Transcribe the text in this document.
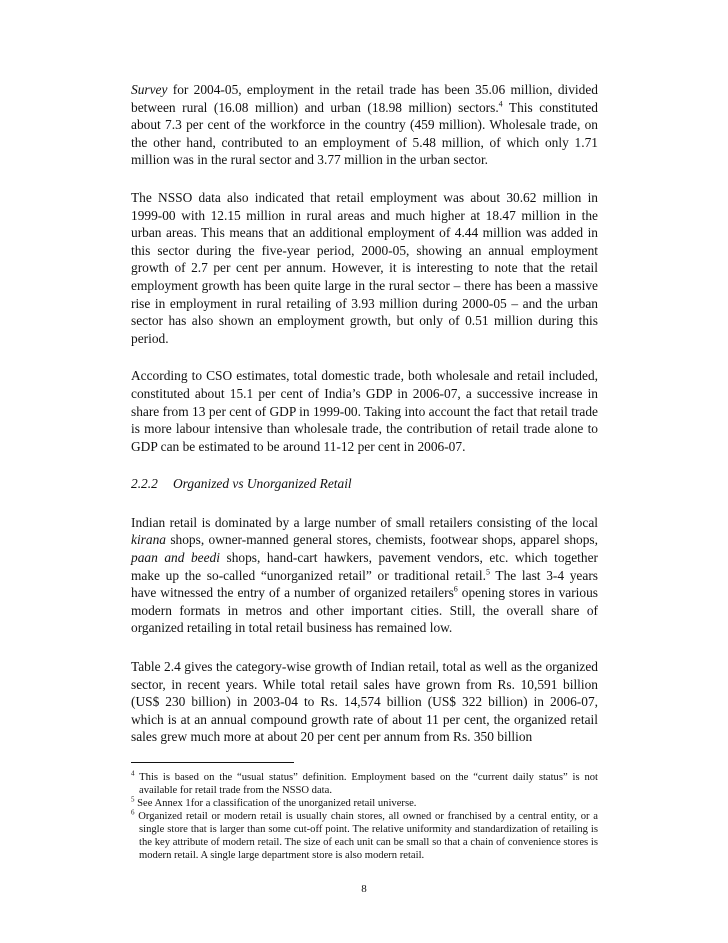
Survey for 2004-05, employment in the retail trade has been 35.06 million, divided between rural (16.08 million) and urban (18.98 million) sectors.$^4$ This constituted about 7.3 per cent of the workforce in the country (459 million). Wholesale trade, on the other hand, contributed to an employment of 5.48 million, of which only 1.71 million was in the rural sector and 3.77 million in the urban sector.

The NSSO data also indicated that retail employment was about 30.62 million in 1999-00 with 12.15 million in rural areas and much higher at 18.47 million in the urban areas. This means that an additional employment of 4.44 million was added in this sector during the five-year period, 2000-05, showing an annual employment growth of 2.7 per cent per annum. However, it is interesting to note that the retail employment growth has been quite large in the rural sector – there has been a massive rise in employment in rural retailing of 3.93 million during 2000-05 – and the urban sector has also shown an employment growth, but only of 0.51 million during this period.

According to CSO estimates, total domestic trade, both wholesale and retail included, constituted about 15.1 per cent of India’s GDP in 2006-07, a successive increase in share from 13 per cent of GDP in 1999-00. Taking into account the fact that retail trade is more labour intensive than wholesale trade, the contribution of retail trade alone to GDP can be estimated to be around 11-12 per cent in 2006-07.

2.2.2 Organized vs Unorganized Retail

Indian retail is dominated by a large number of small retailers consisting of the local kirana shops, owner-manned general stores, chemists, footwear shops, apparel shops, paan and beedi shops, hand-cart hawkers, pavement vendors, etc. which together make up the so-called “unorganized retail” or traditional retail.$^5$ The last 3-4 years have witnessed the entry of a number of organized retailers$^6$ opening stores in various modern formats in metros and other important cities. Still, the overall share of organized retailing in total retail business has remained low.

Table 2.4 gives the category-wise growth of Indian retail, total as well as the organized sector, in recent years. While total retail sales have grown from Rs. 10,591 billion (US$ 230 billion) in 2003-04 to Rs. 14,574 billion (US$ 322 billion) in 2006-07, which is at an annual compound growth rate of about 11 per cent, the organized retail sales grew much more at about 20 per cent per annum from Rs. 350 billion

$^4$ This is based on the “usual status” definition. Employment based on the “current daily status” is not available for retail trade from the NSSO data.

$^5$ See Annex 1for a classification of the unorganized retail universe.

$^6$ Organized retail or modern retail is usually chain stores, all owned or franchised by a central entity, or a single store that is larger than some cut-off point. The relative uniformity and standardization of retailing is the key attribute of modern retail. The size of each unit can be small so that a chain of convenience stores is modern retail. A single large department store is also modern retail.

8
